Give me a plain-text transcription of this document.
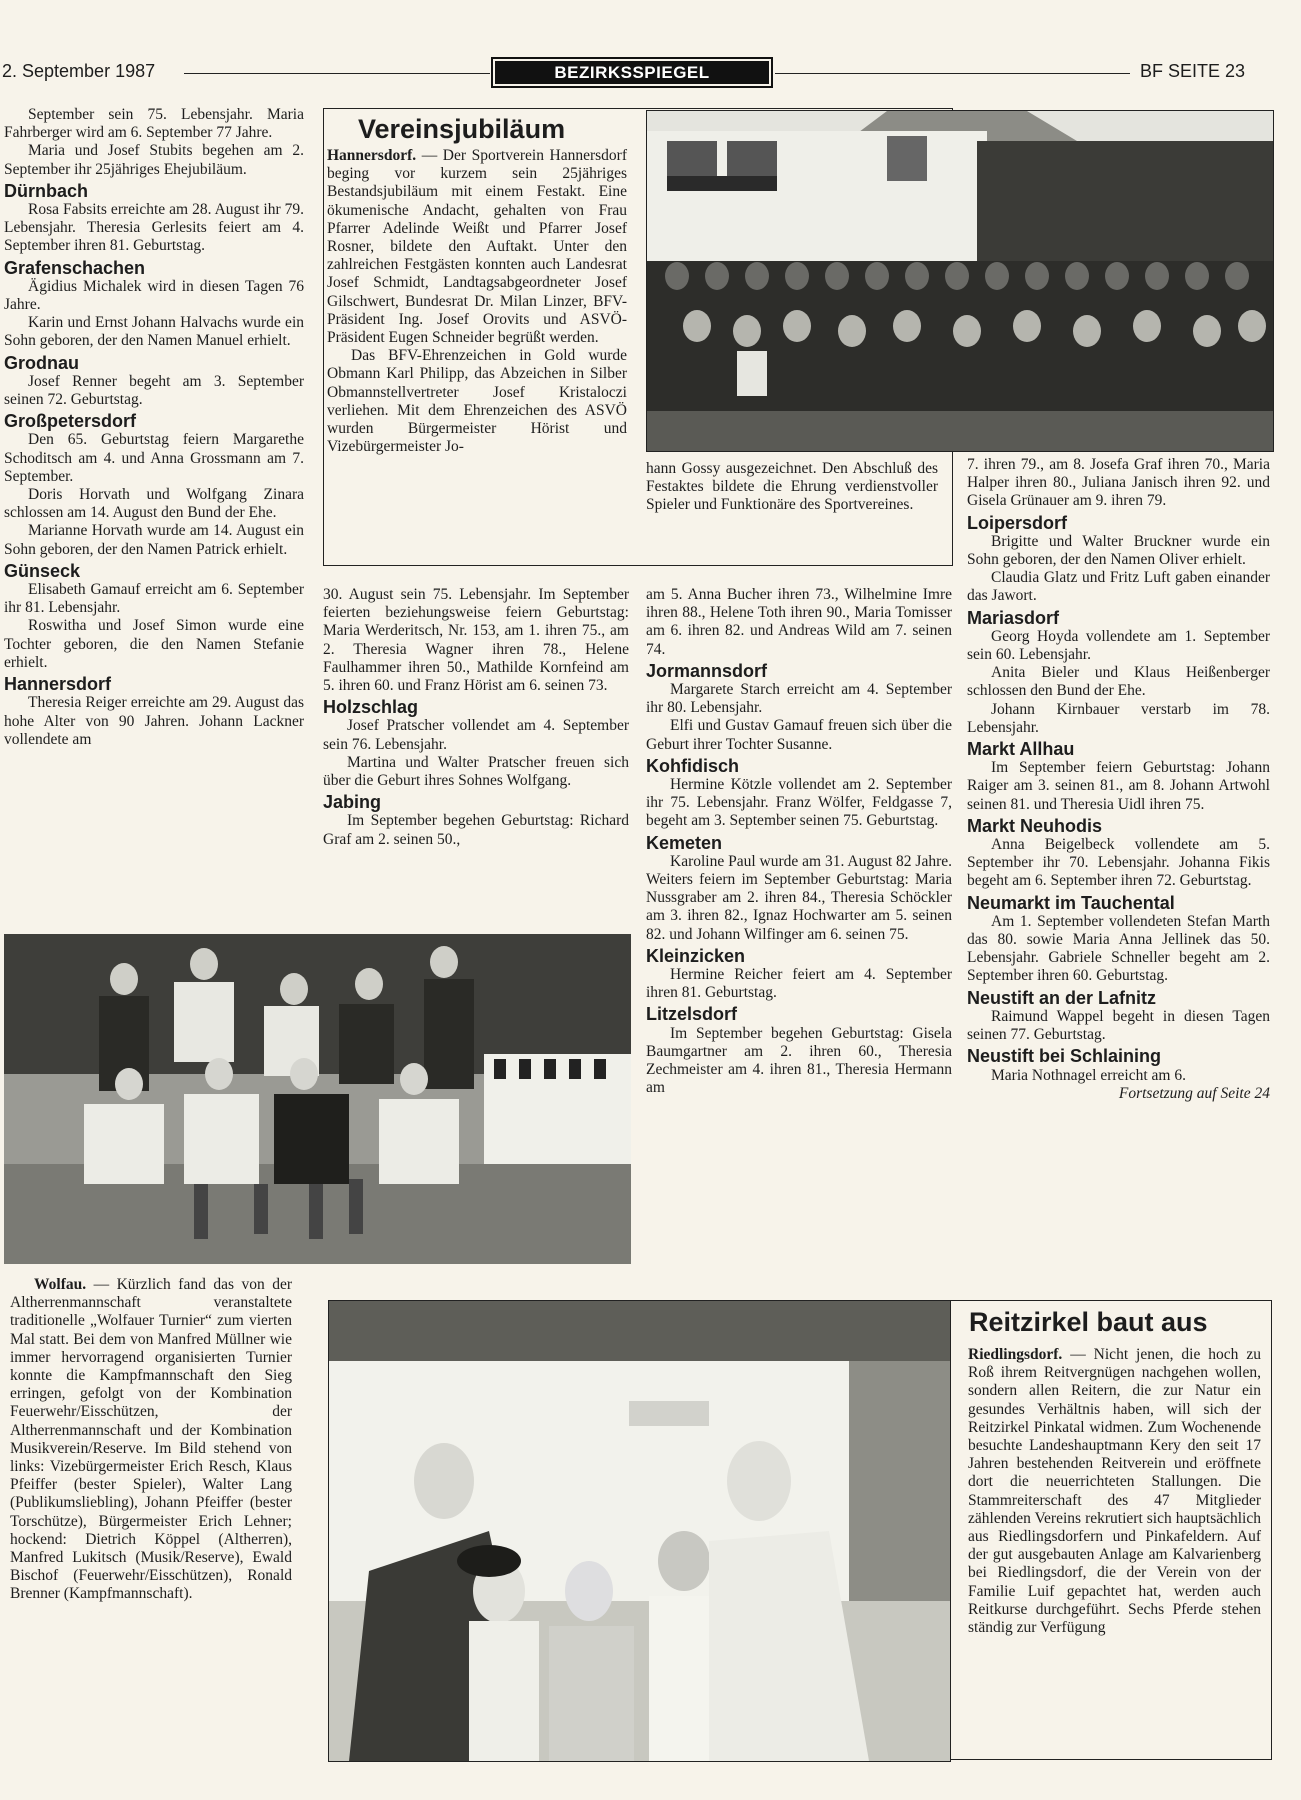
2. September 1987	BEZIRKSSPIEGEL	BF SEITE 23

September sein 75. Lebensjahr. Maria Fahrberger wird am 6. September 77 Jahre.

Maria und Josef Stubits begehen am 2. September ihr 25jähriges Ehejubiläum.

Dürnbach

Rosa Fabsits erreichte am 28. August ihr 79. Lebensjahr. Theresia Gerlesits feiert am 4. September ihren 81. Geburtstag.

Grafenschachen

Ägidius Michalek wird in diesen Tagen 76 Jahre.

Karin und Ernst Johann Halvachs wurde ein Sohn geboren, der den Namen Manuel erhielt.

Grodnau

Josef Renner begeht am 3. September seinen 72. Geburtstag.

Großpetersdorf

Den 65. Geburtstag feiern Margarethe Schoditsch am 4. und Anna Grossmann am 7. September.

Doris Horvath und Wolfgang Zinara schlossen am 14. August den Bund der Ehe.

Marianne Horvath wurde am 14. August ein Sohn geboren, der den Namen Patrick erhielt.

Günseck

Elisabeth Gamauf erreicht am 6. September ihr 81. Lebensjahr.

Roswitha und Josef Simon wurde eine Tochter geboren, die den Namen Stefanie erhielt.

Hannersdorf

Theresia Reiger erreichte am 29. August das hohe Alter von 90 Jahren. Johann Lackner vollendete am

Vereinsjubiläum

Hannersdorf. — Der Sportverein Hannersdorf beging vor kurzem sein 25jähriges Bestandsjubiläum mit einem Festakt. Eine ökumenische Andacht, gehalten von Frau Pfarrer Adelinde Weißt und Pfarrer Josef Rosner, bildete den Auftakt. Unter den zahlreichen Festgästen konnten auch Landesrat Josef Schmidt, Landtagsabgeordneter Josef Gilschwert, Bundesrat Dr. Milan Linzer, BFV-Präsident Ing. Josef Orovits und ASVÖ-Präsident Eugen Schneider begrüßt werden.

Das BFV-Ehrenzeichen in Gold wurde Obmann Karl Philipp, das Abzeichen in Silber Obmannstellvertreter Josef Kristaloczi verliehen. Mit dem Ehrenzeichen des ASVÖ wurden Bürgermeister Hörist und Vizebürgermeister Jo-

hann Gossy ausgezeichnet. Den Abschluß des Festaktes bildete die Ehrung verdienstvoller Spieler und Funktionäre des Sportvereines.

7. ihren 79., am 8. Josefa Graf ihren 70., Maria Halper ihren 80., Juliana Janisch ihren 92. und Gisela Grünauer am 9. ihren 79.

Loipersdorf

Brigitte und Walter Bruckner wurde ein Sohn geboren, der den Namen Oliver erhielt.

Claudia Glatz und Fritz Luft gaben einander das Jawort.

Mariasdorf

Georg Hoyda vollendete am 1. September sein 60. Lebensjahr.

Anita Bieler und Klaus Heißenberger schlossen den Bund der Ehe.

Johann Kirnbauer verstarb im 78. Lebensjahr.

Markt Allhau

Im September feiern Geburtstag: Johann Raiger am 3. seinen 81., am 8. Johann Artwohl seinen 81. und Theresia Uidl ihren 75.

Markt Neuhodis

Anna Beigelbeck vollendete am 5. September ihr 70. Lebensjahr. Johanna Fikis begeht am 6. September ihren 72. Geburtstag.

Neumarkt im Tauchental

Am 1. September vollendeten Stefan Marth das 80. sowie Maria Anna Jellinek das 50. Lebensjahr. Gabriele Schneller begeht am 2. September ihren 60. Geburtstag.

Neustift an der Lafnitz

Raimund Wappel begeht in diesen Tagen seinen 77. Geburtstag.

Neustift bei Schlaining

Maria Nothnagel erreicht am 6.

Fortsetzung auf Seite 24

30. August sein 75. Lebensjahr. Im September feierten beziehungsweise feiern Geburtstag: Maria Werderitsch, Nr. 153, am 1. ihren 75., am 2. Theresia Wagner ihren 78., Helene Faulhammer ihren 50., Mathilde Kornfeind am 5. ihren 60. und Franz Hörist am 6. seinen 73.

Holzschlag

Josef Pratscher vollendet am 4. September sein 76. Lebensjahr.

Martina und Walter Pratscher freuen sich über die Geburt ihres Sohnes Wolfgang.

Jabing

Im September begehen Geburtstag: Richard Graf am 2. seinen 50.,

am 5. Anna Bucher ihren 73., Wilhelmine Imre ihren 88., Helene Toth ihren 90., Maria Tomisser am 6. ihren 82. und Andreas Wild am 7. seinen 74.

Jormannsdorf

Margarete Starch erreicht am 4. September ihr 80. Lebensjahr.

Elfi und Gustav Gamauf freuen sich über die Geburt ihrer Tochter Susanne.

Kohfidisch

Hermine Kötzle vollendet am 2. September ihr 75. Lebensjahr. Franz Wölfer, Feldgasse 7, begeht am 3. September seinen 75. Geburtstag.

Kemeten

Karoline Paul wurde am 31. August 82 Jahre. Weiters feiern im September Geburtstag: Maria Nussgraber am 2. ihren 84., Theresia Schöckler am 3. ihren 82., Ignaz Hochwarter am 5. seinen 82. und Johann Wilfinger am 6. seinen 75.

Kleinzicken

Hermine Reicher feiert am 4. September ihren 81. Geburtstag.

Litzelsdorf

Im September begehen Geburtstag: Gisela Baumgartner am 2. ihren 60., Theresia Zechmeister am 4. ihren 81., Theresia Hermann am

Wolfau. — Kürzlich fand das von der Altherrenmannschaft veranstaltete traditionelle „Wolfauer Turnier“ zum vierten Mal statt. Bei dem von Manfred Müllner wie immer hervorragend organisierten Turnier konnte die Kampfmannschaft den Sieg erringen, gefolgt von der Kombination Feuerwehr/Eisschützen, der Altherrenmannschaft und der Kombination Musikverein/Reserve. Im Bild stehend von links: Vizebürgermeister Erich Resch, Klaus Pfeiffer (bester Spieler), Walter Lang (Publikumsliebling), Johann Pfeiffer (bester Torschütze), Bürgermeister Erich Lehner; hockend: Dietrich Köppel (Altherren), Manfred Lukitsch (Musik/Reserve), Ewald Bischof (Feuerwehr/Eisschützen), Ronald Brenner (Kampfmannschaft).

Reitzirkel baut aus

Riedlingsdorf. — Nicht jenen, die hoch zu Roß ihrem Reitvergnügen nachgehen wollen, sondern allen Reitern, die zur Natur ein gesundes Verhältnis haben, will sich der Reitzirkel Pinkatal widmen. Zum Wochenende besuchte Landeshauptmann Kery den seit 17 Jahren bestehenden Reitverein und eröffnete dort die neuerrichteten Stallungen. Die Stammreiterschaft des 47 Mitglieder zählenden Vereins rekrutiert sich hauptsächlich aus Riedlingsdorfern und Pinkafeldern. Auf der gut ausgebauten Anlage am Kalvarienberg bei Riedlingsdorf, die der Verein von der Familie Luif gepachtet hat, werden auch Reitkurse durchgeführt. Sechs Pferde stehen ständig zur Verfügung
